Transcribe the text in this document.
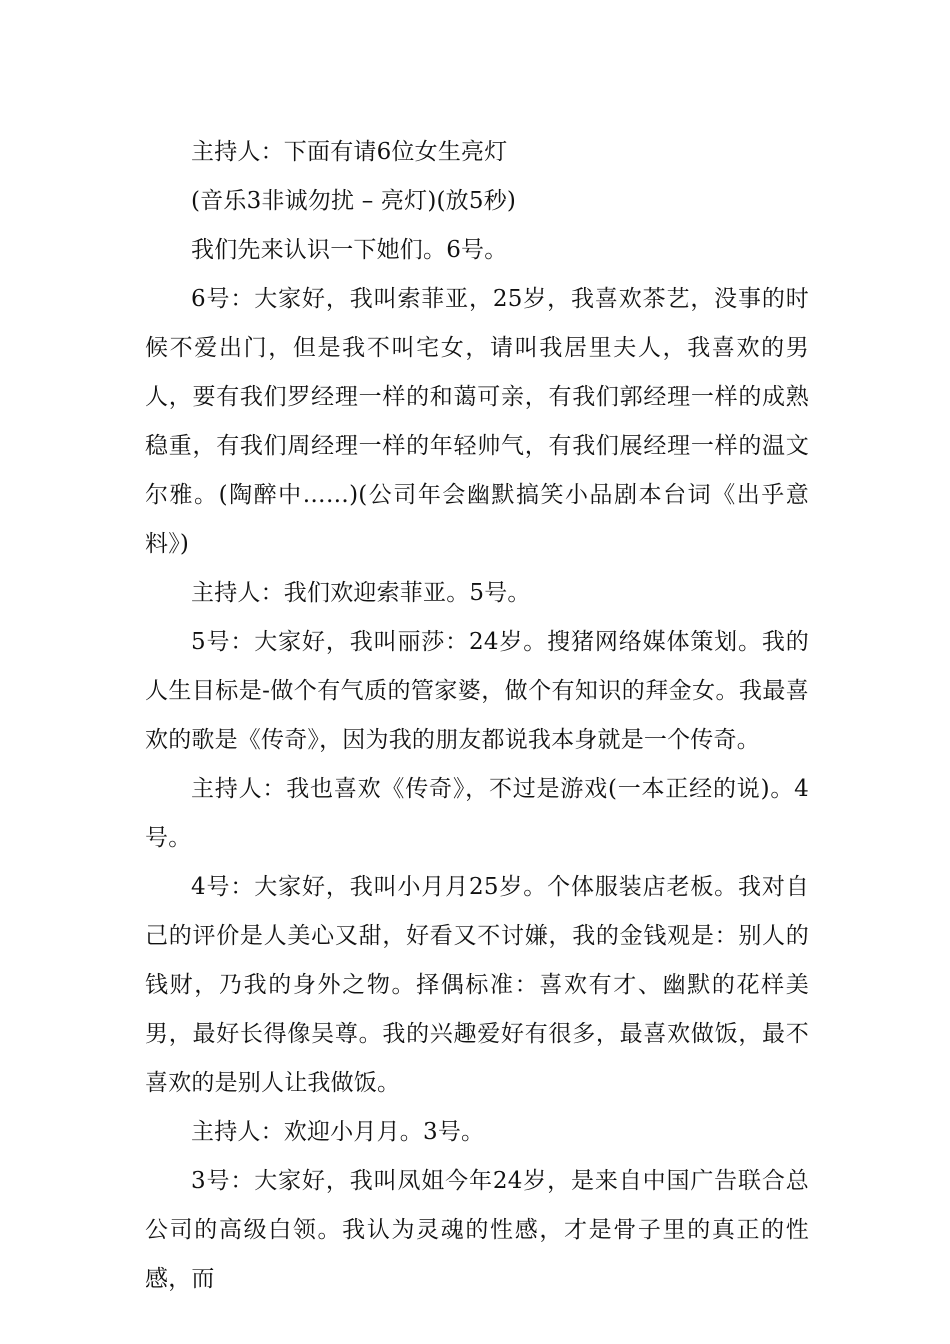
主持人：下面有请6位女生亮灯

(音乐3非诚勿扰 – 亮灯)(放5秒)

我们先来认识一下她们。6号。

6号：大家好，我叫索菲亚，25岁，我喜欢茶艺，没事的时候不爱出门，但是我不叫宅女，请叫我居里夫人，我喜欢的男人，要有我们罗经理一样的和蔼可亲，有我们郭经理一样的成熟稳重，有我们周经理一样的年轻帅气，有我们展经理一样的温文尔雅。(陶醉中……)(公司年会幽默搞笑小品剧本台词《出乎意料》)

主持人：我们欢迎索菲亚。5号。

5号：大家好，我叫丽莎：24岁。搜猪网络媒体策划。我的人生目标是-做个有气质的管家婆，做个有知识的拜金女。我最喜欢的歌是《传奇》，因为我的朋友都说我本身就是一个传奇。

主持人：我也喜欢《传奇》，不过是游戏(一本正经的说)。4号。

4号：大家好，我叫小月月25岁。个体服装店老板。我对自己的评价是人美心又甜，好看又不讨嫌，我的金钱观是：别人的钱财，乃我的身外之物。择偶标准：喜欢有才、幽默的花样美男，最好长得像吴尊。我的兴趣爱好有很多，最喜欢做饭，最不喜欢的是别人让我做饭。

主持人：欢迎小月月。3号。

3号：大家好，我叫凤姐今年24岁，是来自中国广告联合总公司的高级白领。我认为灵魂的性感，才是骨子里的真正的性感，而
